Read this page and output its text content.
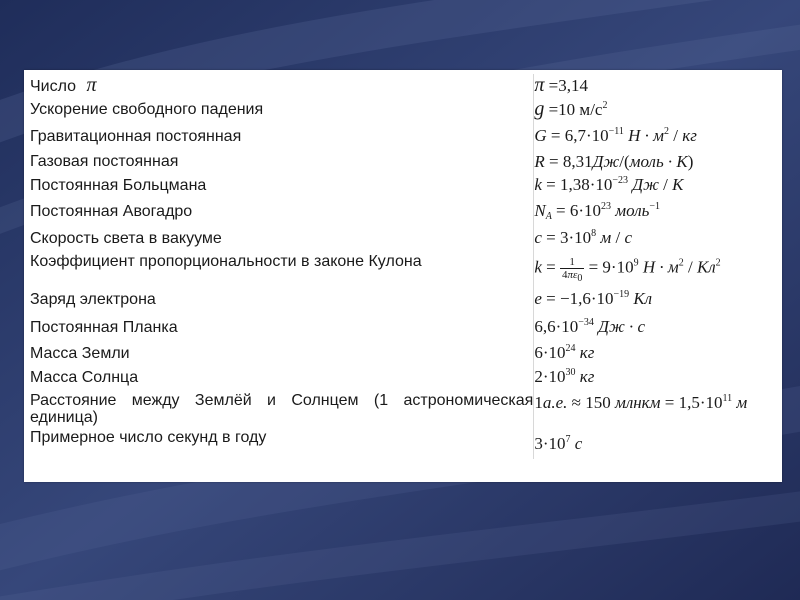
Число π	π =3,14
Ускорение свободного падения	g =10 $м/с^2$
Гравитационная постоянная	$G = 6,7\cdot 10^{-11}$ $Н \cdot м^2$ / кг
Газовая постоянная	R = 8,31Дж/(моль · К)
Постоянная Больцмана	$k = 1,38\cdot 10^{-23}$ Дж / К
Постоянная Авогадро	$N_A = 6\cdot 10^{23}$ моль$^{-1}$
Скорость света в вакууме	$c = 3\cdot 10^8$ м / с
Коэффициент пропорциональности в законе Кулона	$k = \frac{1}{4\pi\varepsilon_0} = 9\cdot 10^9$ $Н \cdot м^2 / Кл^2$
Заряд электрона	$e = -1,6\cdot 10^{-19}$ Кл
Постоянная Планка	$6,6\cdot 10^{-34}$ Дж · с
Масса Земли	$6\cdot 10^{24}$ кг
Масса Солнца	$2\cdot 10^{30}$ кг
Расстояние между Землёй и Солнцем (1 астрономическая единица)	1а.е. ≈ 150 млнкм = $1,5\cdot 10^{11}$ м
Примерное число секунд в году	$3\cdot 10^7$ с
